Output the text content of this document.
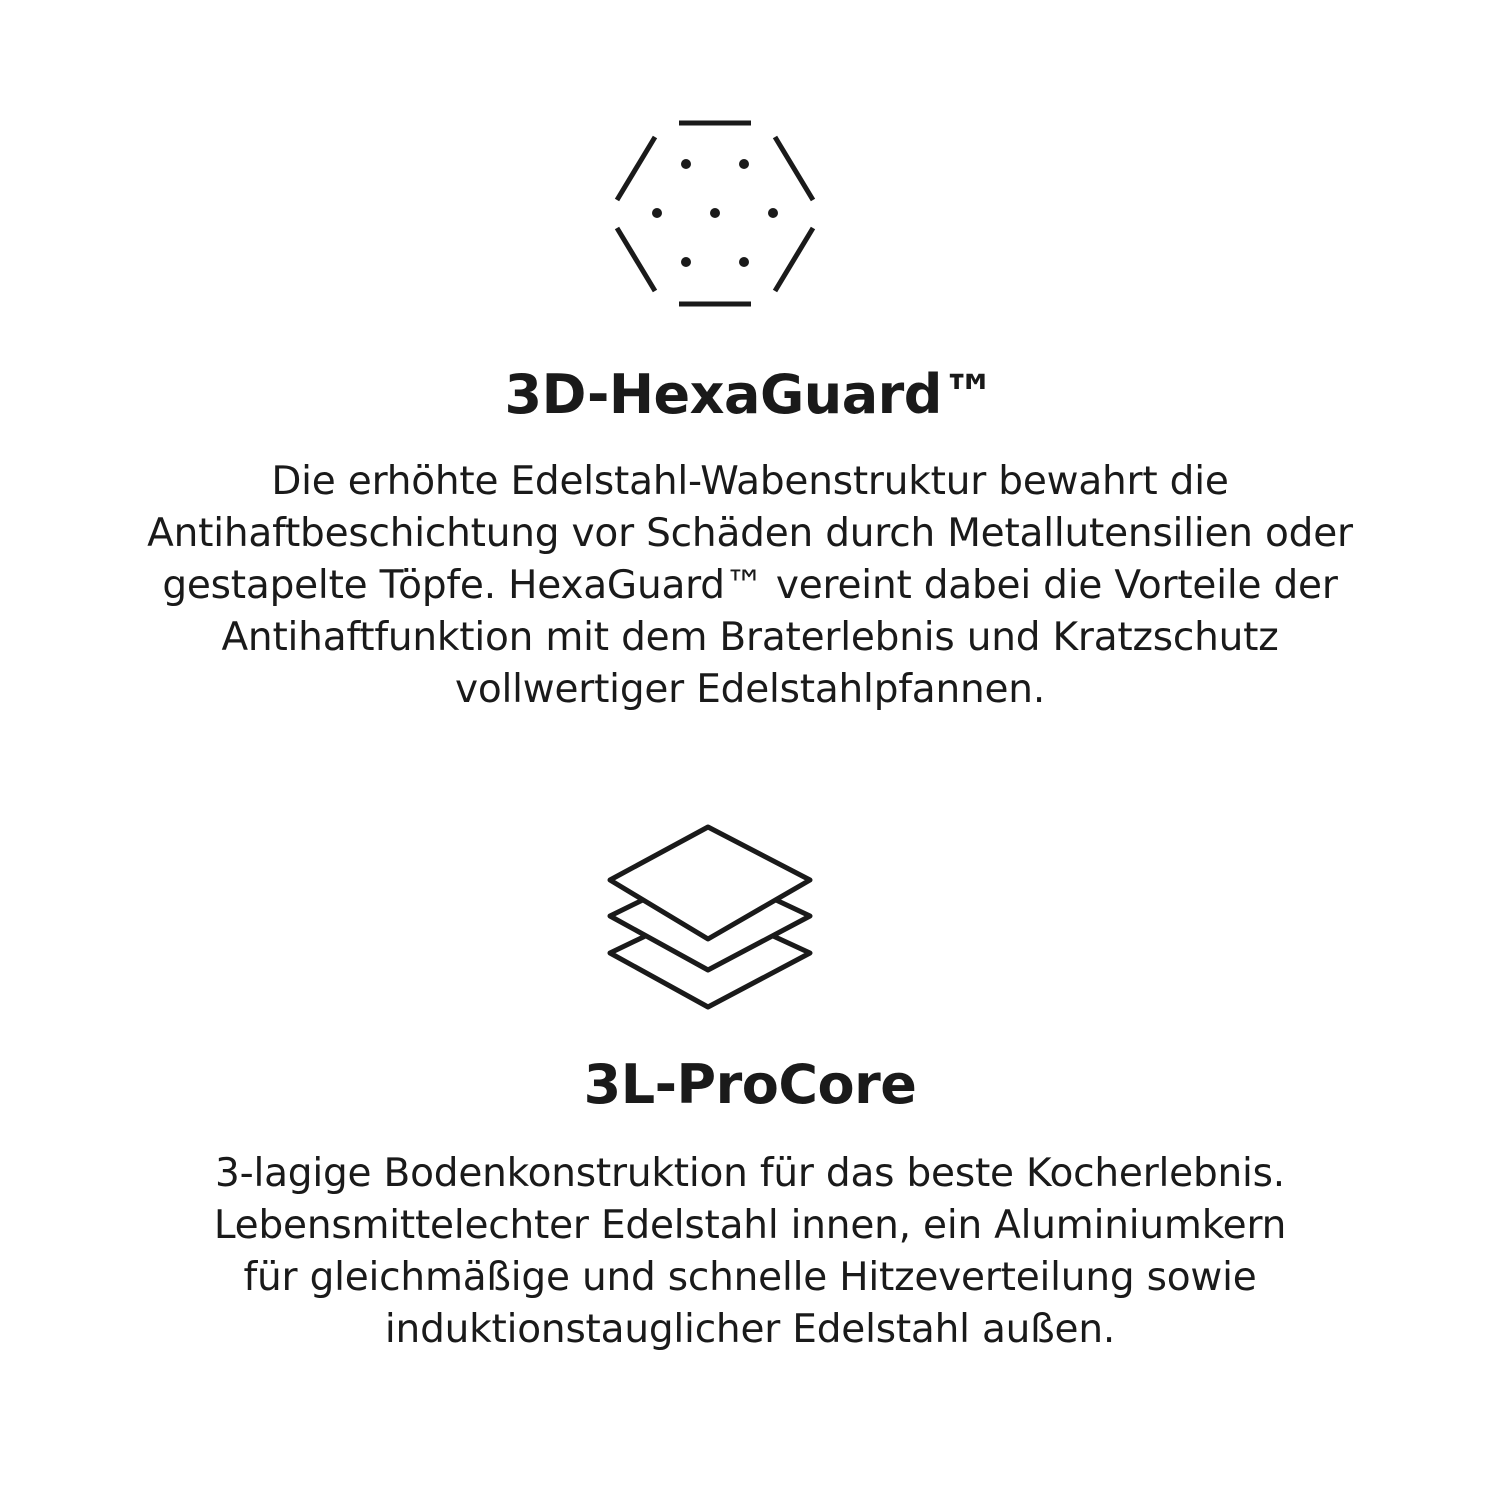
3D-HexaGuard™

Die erhöhte Edelstahl-Wabenstruktur bewahrt die
Antihaftbeschichtung vor Schäden durch Metallutensilien oder
gestapelte Töpfe. HexaGuard™ vereint dabei die Vorteile der
Antihaftfunktion mit dem Braterlebnis und Kratzschutz
vollwertiger Edelstahlpfannen.

3L-ProCore

3-lagige Bodenkonstruktion für das beste Kocherlebnis.
Lebensmittelechter Edelstahl innen, ein Aluminiumkern
für gleichmäßige und schnelle Hitzeverteilung sowie
induktionstauglicher Edelstahl außen.
